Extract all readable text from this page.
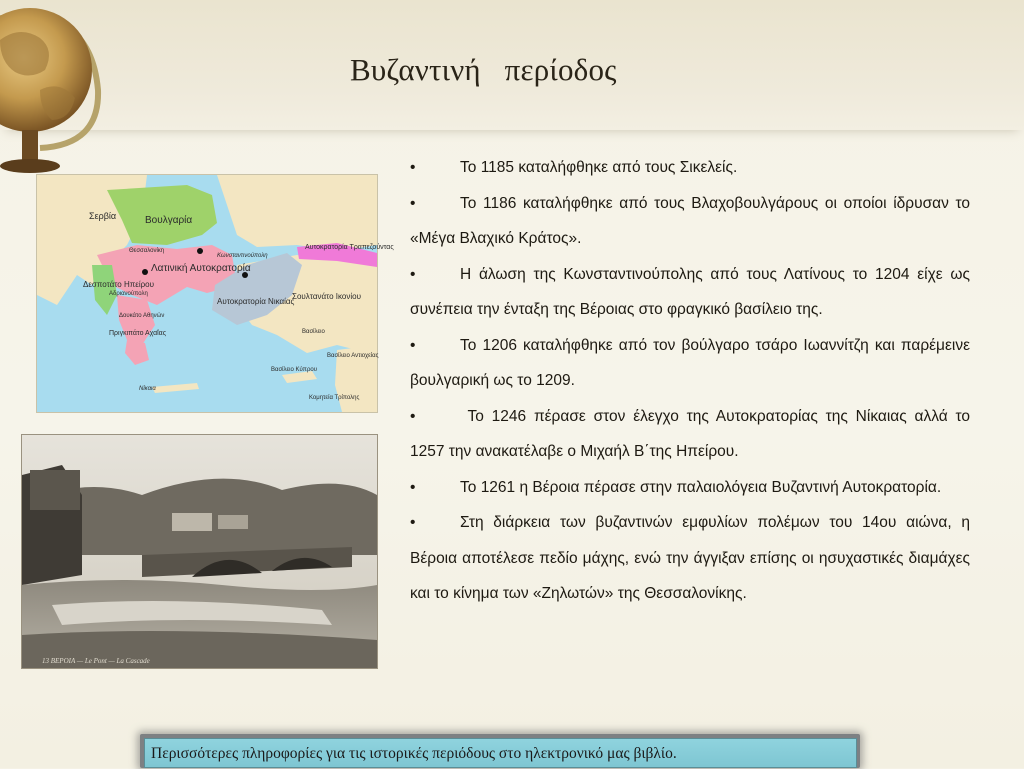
Βυζαντινή   περίοδος
Σερβία	Βουλγαρία
Θεσσαλονίκη
Κωνσταντινούπολη
Αυτοκρατορία Τραπεζούντας
Λατινική Αυτοκρατορία
Δεσποτάτο Ηπείρου
Αδριανούπολη
Αυτοκρατορία Νικαίας
Σουλτανάτο Ικονίου
Δουκάτο Αθηνών
Πριγκιπάτο Αχαΐας	Βασίλειο
Βασίλειο Αντιοχείας
Βασίλειο Κύπρου
Κομητεία Τρίπολης
Νίκαια
13 ΒΕΡΟΙΑ — Le Pont — La Cascade
•	Το 1185 καταλήφθηκε από τους Σικελείς.
•	Το 1186 καταλήφθηκε από τους Βλαχοβουλγάρους οι οποίοι ίδρυσαν το «Μέγα Βλαχικό Κράτος».
•	Η άλωση της Κωνσταντινούπολης από τους Λατίνους το 1204 είχε ως συνέπεια την ένταξη της Βέροιας στο φραγκικό βασίλειο της.
•	Το 1206 καταλήφθηκε από τον βούλγαρο τσάρο Ιωαννίτζη και παρέμεινε βουλγαρική ως το 1209.
•	Το 1246 πέρασε στον έλεγχο της Αυτοκρατορίας της Νίκαιας αλλά το 1257 την ανακατέλαβε ο Μιχαήλ Β΄της Ηπείρου.
•	Το 1261 η Βέροια πέρασε στην παλαιολόγεια Βυζαντινή Αυτοκρατορία.
•	Στη διάρκεια των βυζαντινών εμφυλίων πολέμων του 14ου αιώνα, η Βέροια αποτέλεσε πεδίο μάχης, ενώ την άγγιξαν επίσης οι ησυχαστικές διαμάχες και το κίνημα των «Ζηλωτών» της Θεσσαλονίκης.
Περισσότερες πληροφορίες για τις ιστορικές περιόδους στο ηλεκτρονικό μας βιβλίο.
